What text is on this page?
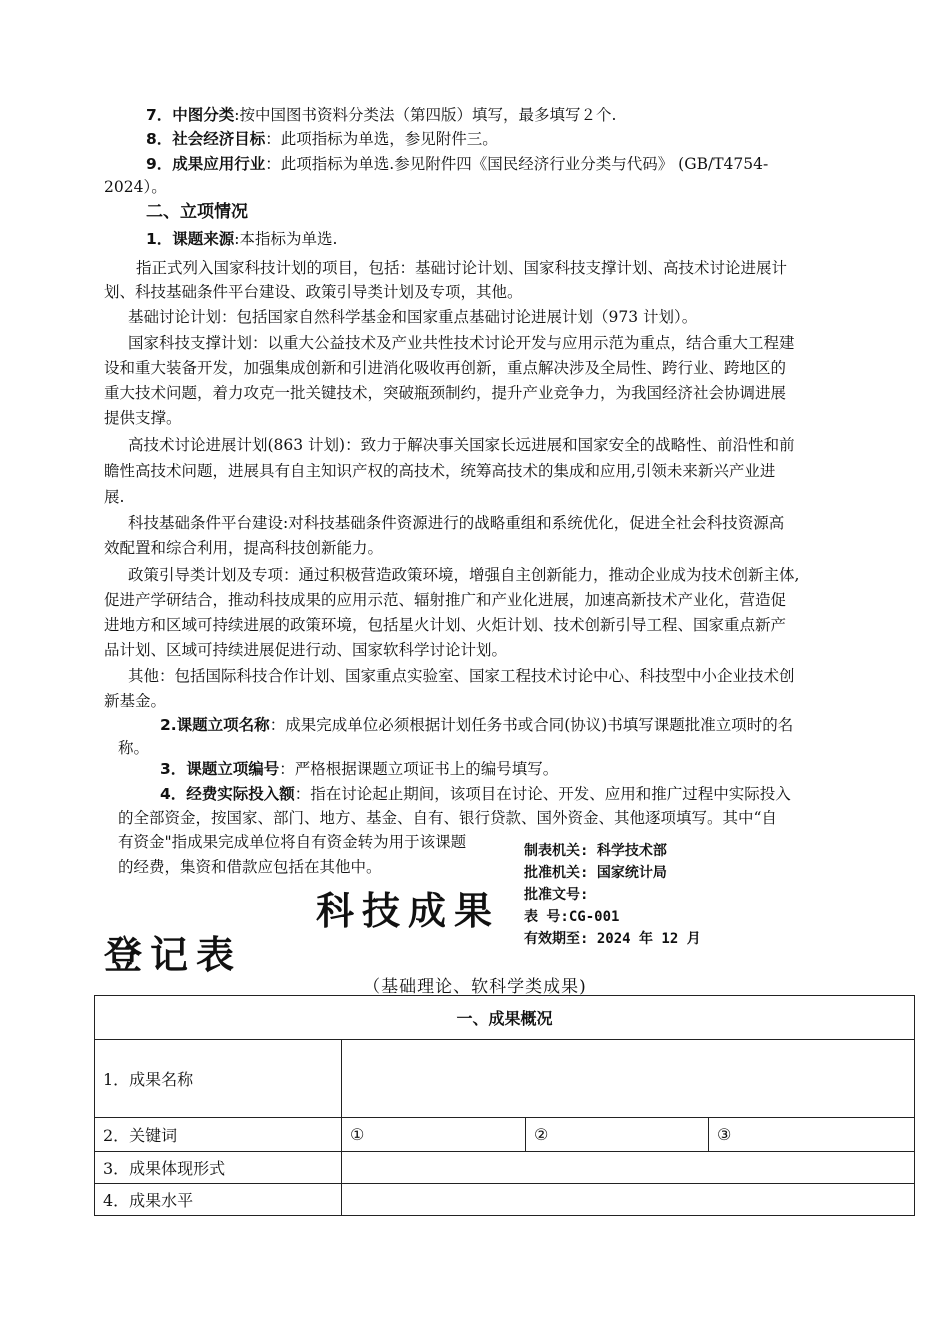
7．中图分类:按中国图书资料分类法（第四版）填写，最多填写２个.
8．社会经济目标：此项指标为单选，参见附件三。
9．成果应用行业：此项指标为单选.参见附件四《国民经济行业分类与代码》 (GB/T4754-
2024）。
二、立项情况
1．课题来源:本指标为单选.
指正式列入国家科技计划的项目，包括：基础讨论计划、国家科技支撑计划、高技术讨论进展计
划、科技基础条件平台建设、政策引导类计划及专项，其他。
基础讨论计划：包括国家自然科学基金和国家重点基础讨论进展计划（973 计划）。
国家科技支撑计划：以重大公益技术及产业共性技术讨论开发与应用示范为重点，结合重大工程建
设和重大装备开发，加强集成创新和引进消化吸收再创新，重点解决涉及全局性、跨行业、跨地区的
重大技术问题，着力攻克一批关键技术，突破瓶颈制约，提升产业竞争力，为我国经济社会协调进展
提供支撑。
高技术讨论进展计划(863 计划)：致力于解决事关国家长远进展和国家安全的战略性、前沿性和前
瞻性高技术问题，进展具有自主知识产权的高技术，统筹高技术的集成和应用,引领未来新兴产业进
展.
科技基础条件平台建设:对科技基础条件资源进行的战略重组和系统优化，促进全社会科技资源高
效配置和综合利用，提高科技创新能力。
政策引导类计划及专项：通过积极营造政策环境，增强自主创新能力，推动企业成为技术创新主体,
促进产学研结合，推动科技成果的应用示范、辐射推广和产业化进展，加速高新技术产业化，营造促
进地方和区域可持续进展的政策环境，包括星火计划、火炬计划、技术创新引导工程、国家重点新产
品计划、区域可持续进展促进行动、国家软科学讨论计划。
其他：包括国际科技合作计划、国家重点实验室、国家工程技术讨论中心、科技型中小企业技术创
新基金。
2.课题立项名称：成果完成单位必须根据计划任务书或合同(协议)书填写课题批准立项时的名
称。
3．课题立项编号：严格根据课题立项证书上的编号填写。
4．经费实际投入额：指在讨论起止期间，该项目在讨论、开发、应用和推广过程中实际投入
的全部资金，按国家、部门、地方、基金、自有、银行贷款、国外资金、其他逐项填写。其中“自
有资金"指成果完成单位将自有资金转为用于该课题
的经费，集资和借款应包括在其他中。
制表机关: 科学技术部
批准机关: 国家统计局
批准文号:
表 号:CG-001
有效期至: 2024 年 12 月
科技成果
登记表
（基础理论、软科学类成果)
一、成果概况			
1．成果名称			
2．关键词	①	②	③
3．成果体现形式			
4．成果水平			
